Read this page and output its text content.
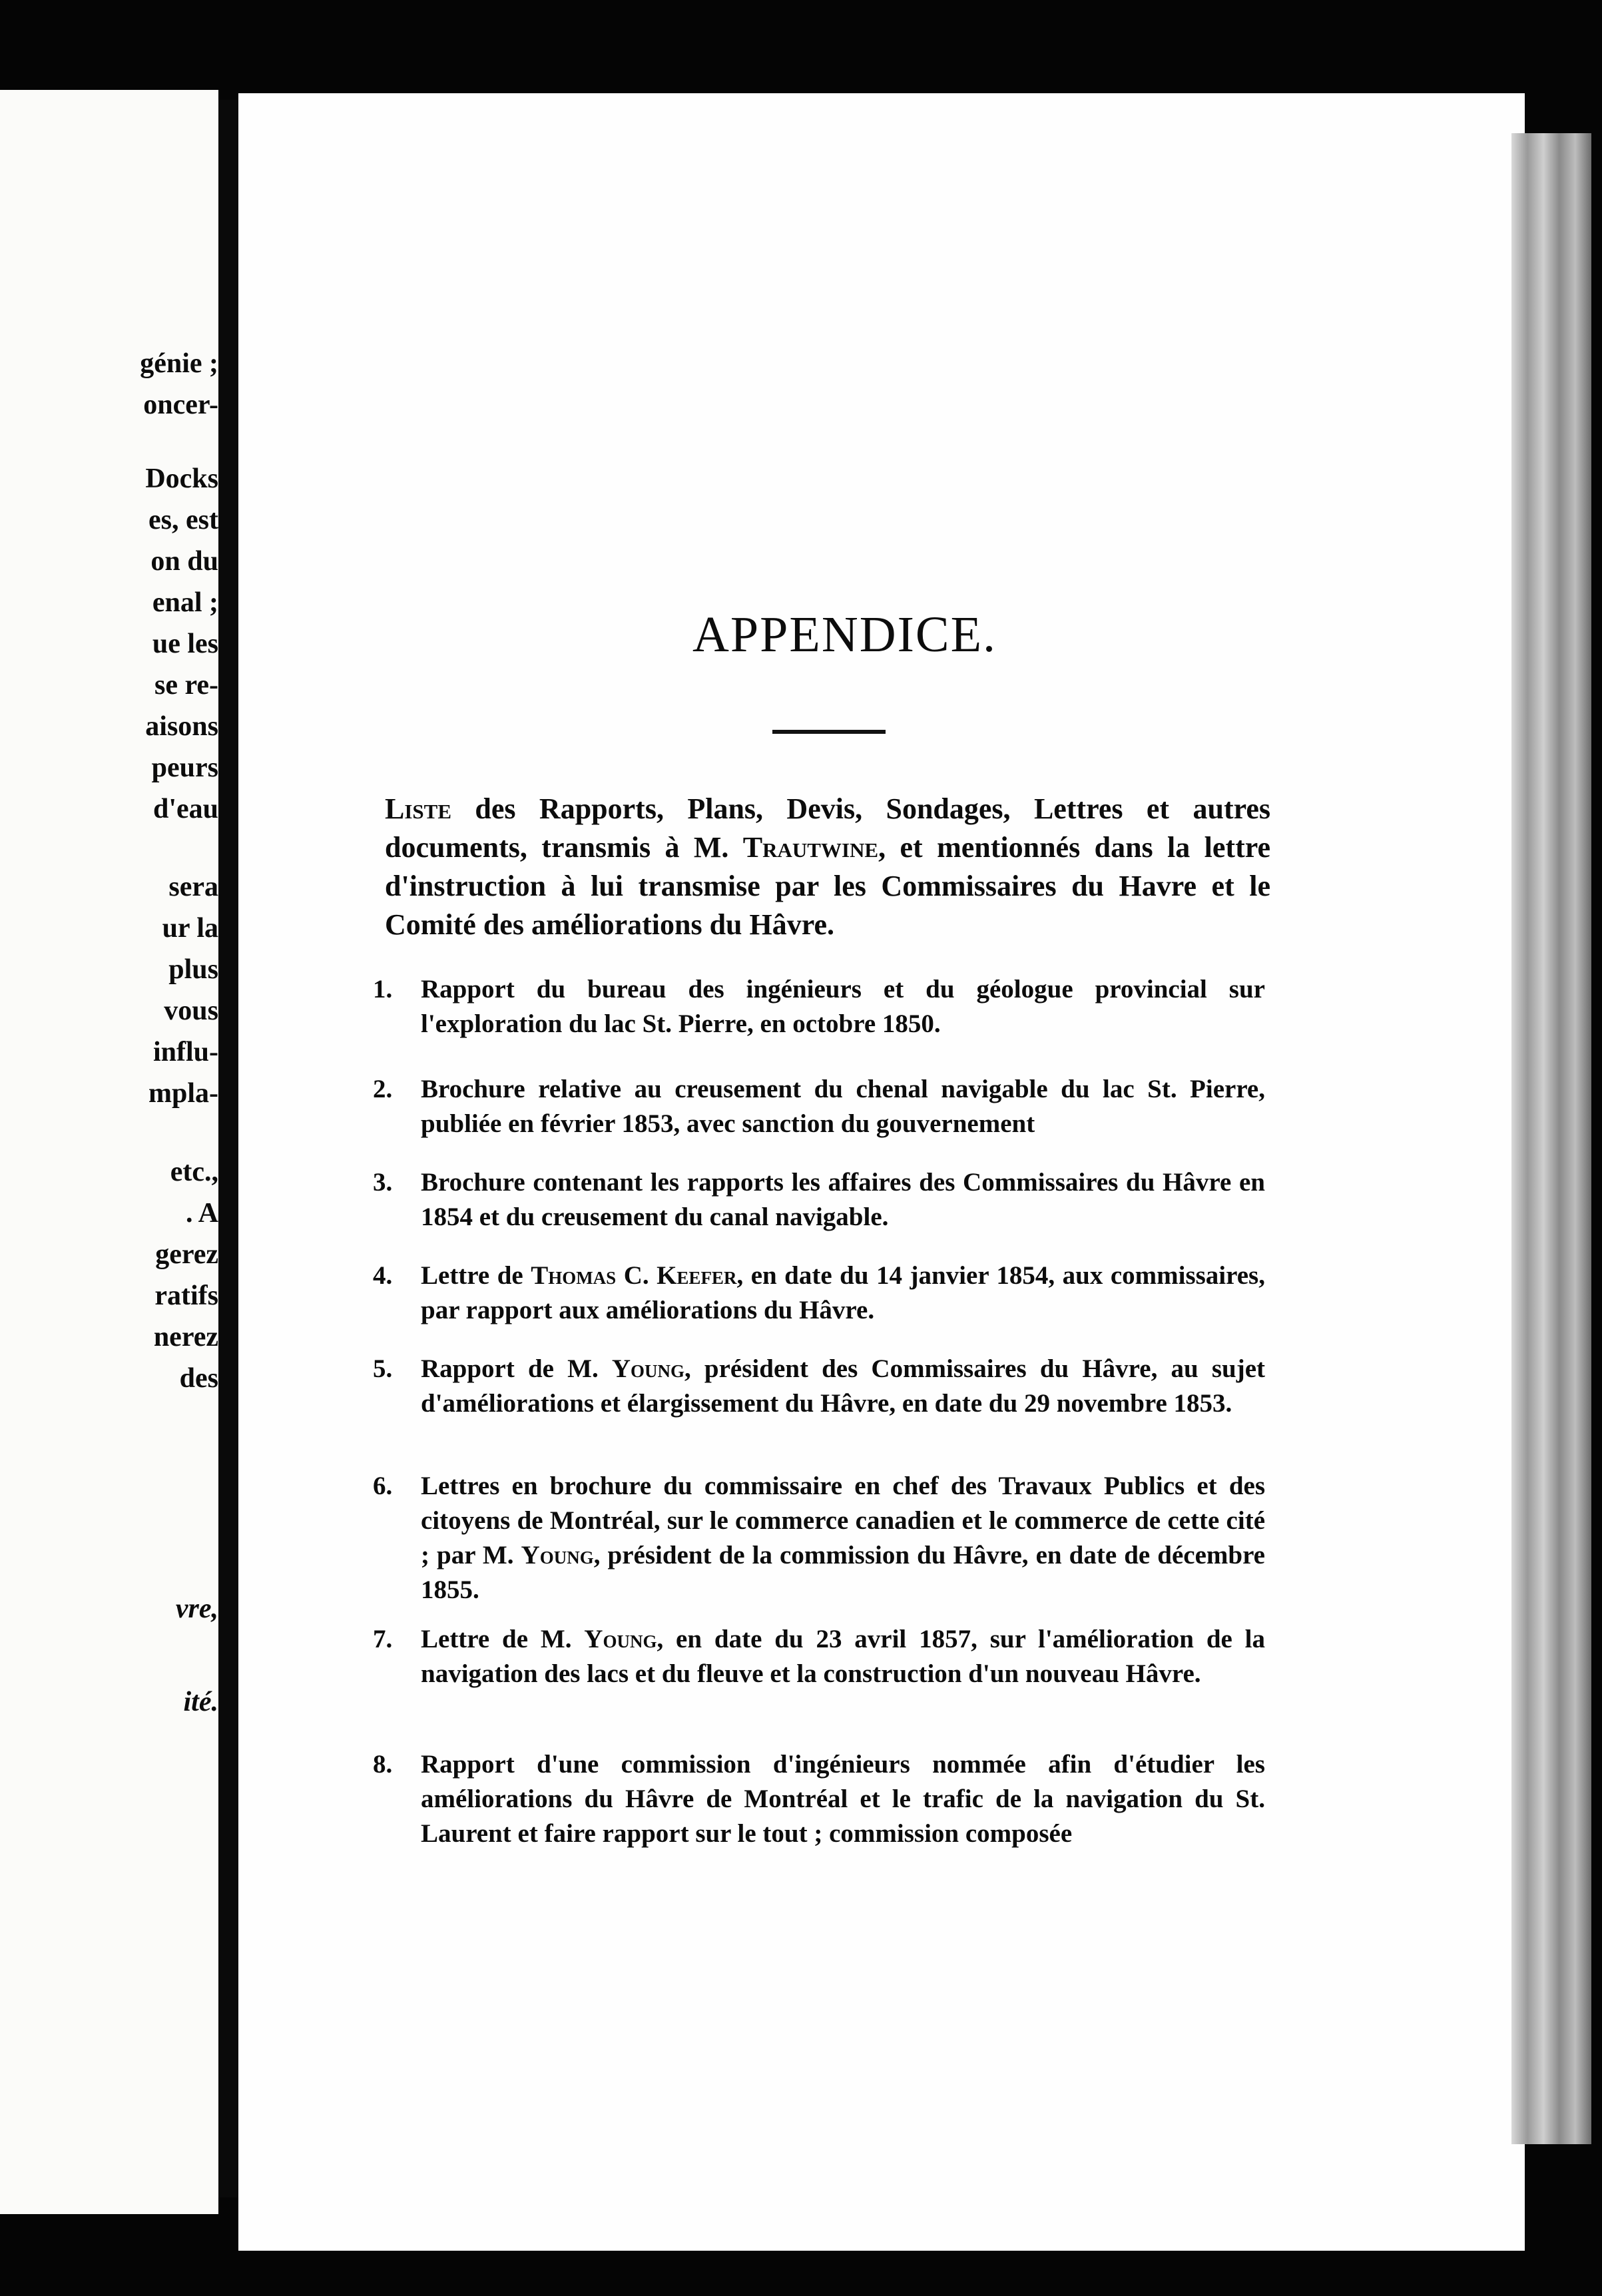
génie ;
oncer-
Docks
es, est
on du
enal ;
ue les
se re-
aisons
peurs
d'eau
sera
ur la
plus
vous
influ-
mpla-
etc.,
. A
gerez
ratifs
nerez
des
vre,
ité.
APPENDICE.
Liste des Rapports, Plans, Devis, Sondages, Lettres et autres documents, transmis à M. Trautwine, et mentionnés dans la lettre d'instruction à lui transmise par les Commissaires du Havre et le Comité des améliorations du Hâvre.
1. Rapport du bureau des ingénieurs et du géologue provincial sur l'exploration du lac St. Pierre, en octobre 1850.
2. Brochure relative au creusement du chenal navigable du lac St. Pierre, publiée en février 1853, avec sanction du gouvernement
3. Brochure contenant les rapports les affaires des Commissaires du Hâvre en 1854 et du creusement du canal navigable.
4. Lettre de Thomas C. Keefer, en date du 14 janvier 1854, aux commissaires, par rapport aux améliorations du Hâvre.
5. Rapport de M. Young, président des Commissaires du Hâvre, au sujet d'améliorations et élargissement du Hâvre, en date du 29 novembre 1853.
6. Lettres en brochure du commissaire en chef des Travaux Publics et des citoyens de Montréal, sur le commerce canadien et le commerce de cette cité ; par M. Young, président de la commission du Hâvre, en date de décembre 1855.
7. Lettre de M. Young, en date du 23 avril 1857, sur l'amélioration de la navigation des lacs et du fleuve et la construction d'un nouveau Hâvre.
8. Rapport d'une commission d'ingénieurs nommée afin d'étudier les améliorations du Hâvre de Montréal et le trafic de la navigation du St. Laurent et faire rapport sur le tout ; commission composée
